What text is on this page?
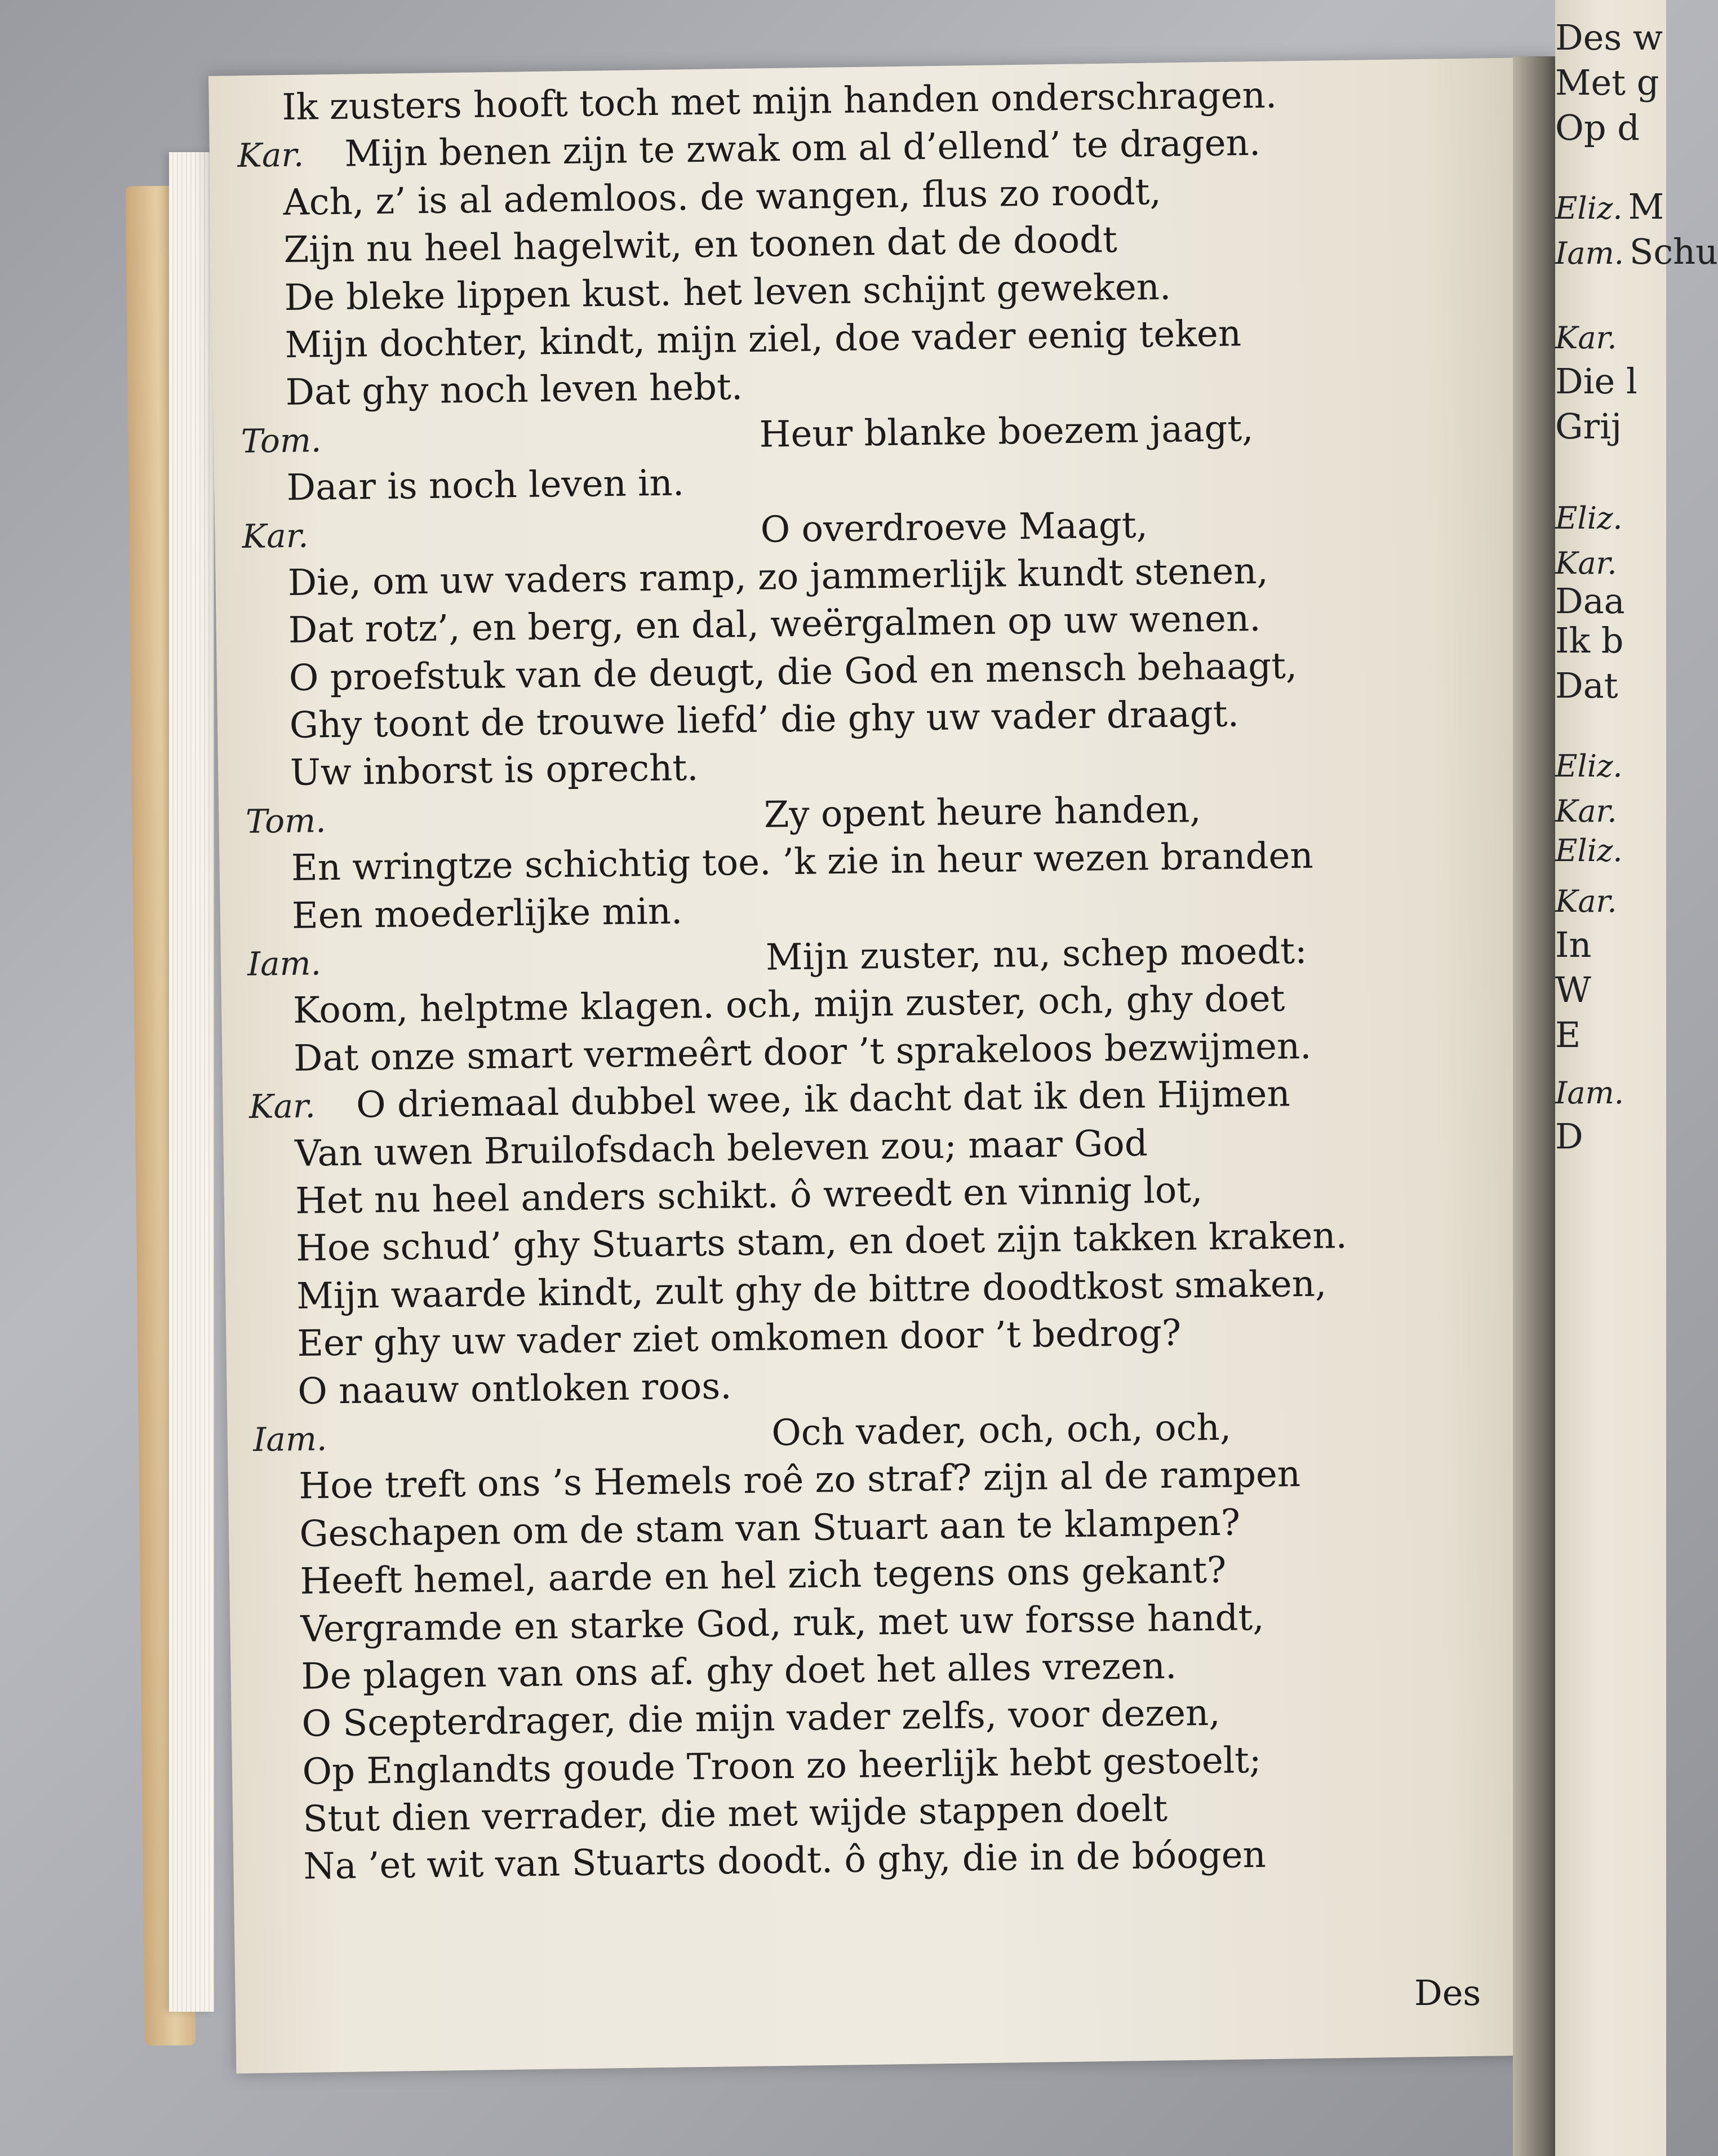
Des w
Met g
Op d
Eliz. M
Iam. Schu
Kar.
Die l
Grij
Eliz.
Kar.
Daa
Ik b
Dat
Eliz.
Kar.
Eliz.
Kar.
In
W
E
Iam.
D
Ik zusters hooft toch met mijn handen onderschragen.
Kar. Mijn benen zijn te zwak om al d’ellend’ te dragen.
Ach, z’ is al ademloos. de wangen, flus zo roodt,
Zijn nu heel hagelwit, en toonen dat de doodt
De bleke lippen kust. het leven schijnt geweken.
Mijn dochter, kindt, mijn ziel, doe vader eenig teken
Dat ghy noch leven hebt.
Tom.	Heur blanke boezem jaagt,
Daar is noch leven in.
Kar.	O overdroeve Maagt,
Die, om uw vaders ramp, zo jammerlijk kundt stenen,
Dat rotz’, en berg, en dal, weërgalmen op uw wenen.
O proefstuk van de deugt, die God en mensch behaagt,
Ghy toont de trouwe liefd’ die ghy uw vader draagt.
Uw inborst is oprecht.
Tom.	Zy opent heure handen,
En wringtze schichtig toe. ’k zie in heur wezen branden
Een moederlijke min.
Iam.	Mijn zuster, nu, schep moedt:
Koom, helptme klagen. och, mijn zuster, och, ghy doet
Dat onze smart vermeêrt door ’t sprakeloos bezwijmen.
Kar. O driemaal dubbel wee, ik dacht dat ik den Hijmen
Van uwen Bruilofsdach beleven zou; maar God
Het nu heel anders schikt. ô wreedt en vinnig lot,
Hoe schud’ ghy Stuarts stam, en doet zijn takken kraken.
Mijn waarde kindt, zult ghy de bittre doodtkost smaken,
Eer ghy uw vader ziet omkomen door ’t bedrog?
O naauw ontloken roos.
Iam.	Och vader, och, och, och,
Hoe treft ons ’s Hemels roê zo straf? zijn al de rampen
Geschapen om de stam van Stuart aan te klampen?
Heeft hemel, aarde en hel zich tegens ons gekant?
Vergramde en starke God, ruk, met uw forsse handt,
De plagen van ons af. ghy doet het alles vrezen.
O Scepterdrager, die mijn vader zelfs, voor dezen,
Op Englandts goude Troon zo heerlijk hebt gestoelt;
Stut dien verrader, die met wijde stappen doelt
Na ’et wit van Stuarts doodt. ô ghy, die in de bóogen
Des
